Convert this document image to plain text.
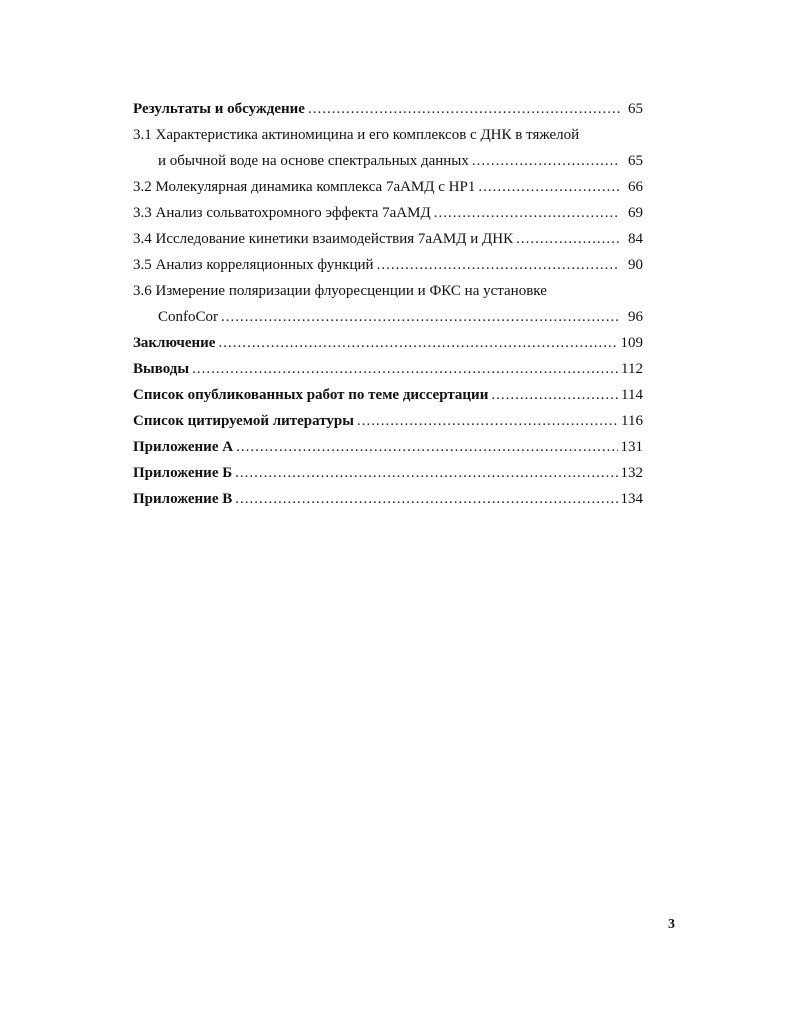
Результаты и обсуждение .....	65
3.1 Характеристика актиномицина и его комплексов с ДНК в тяжелой
и обычной воде на основе спектральных данных .....	65
3.2 Молекулярная динамика комплекса 7аАМД с HP1 .....	66
3.3 Анализ сольватохромного эффекта 7аАМД .....	69
3.4 Исследование кинетики взаимодействия 7аАМД и ДНК .....	84
3.5 Анализ корреляционных функций .....	90
3.6 Измерение поляризации флуоресценции и ФКС на установке
ConfoCor .....	96
Заключение .....	109
Выводы .....	112
Список опубликованных работ по теме диссертации .....	114
Список цитируемой литературы .....	116
Приложение А .....	131
Приложение Б .....	132
Приложение В .....	134
3
